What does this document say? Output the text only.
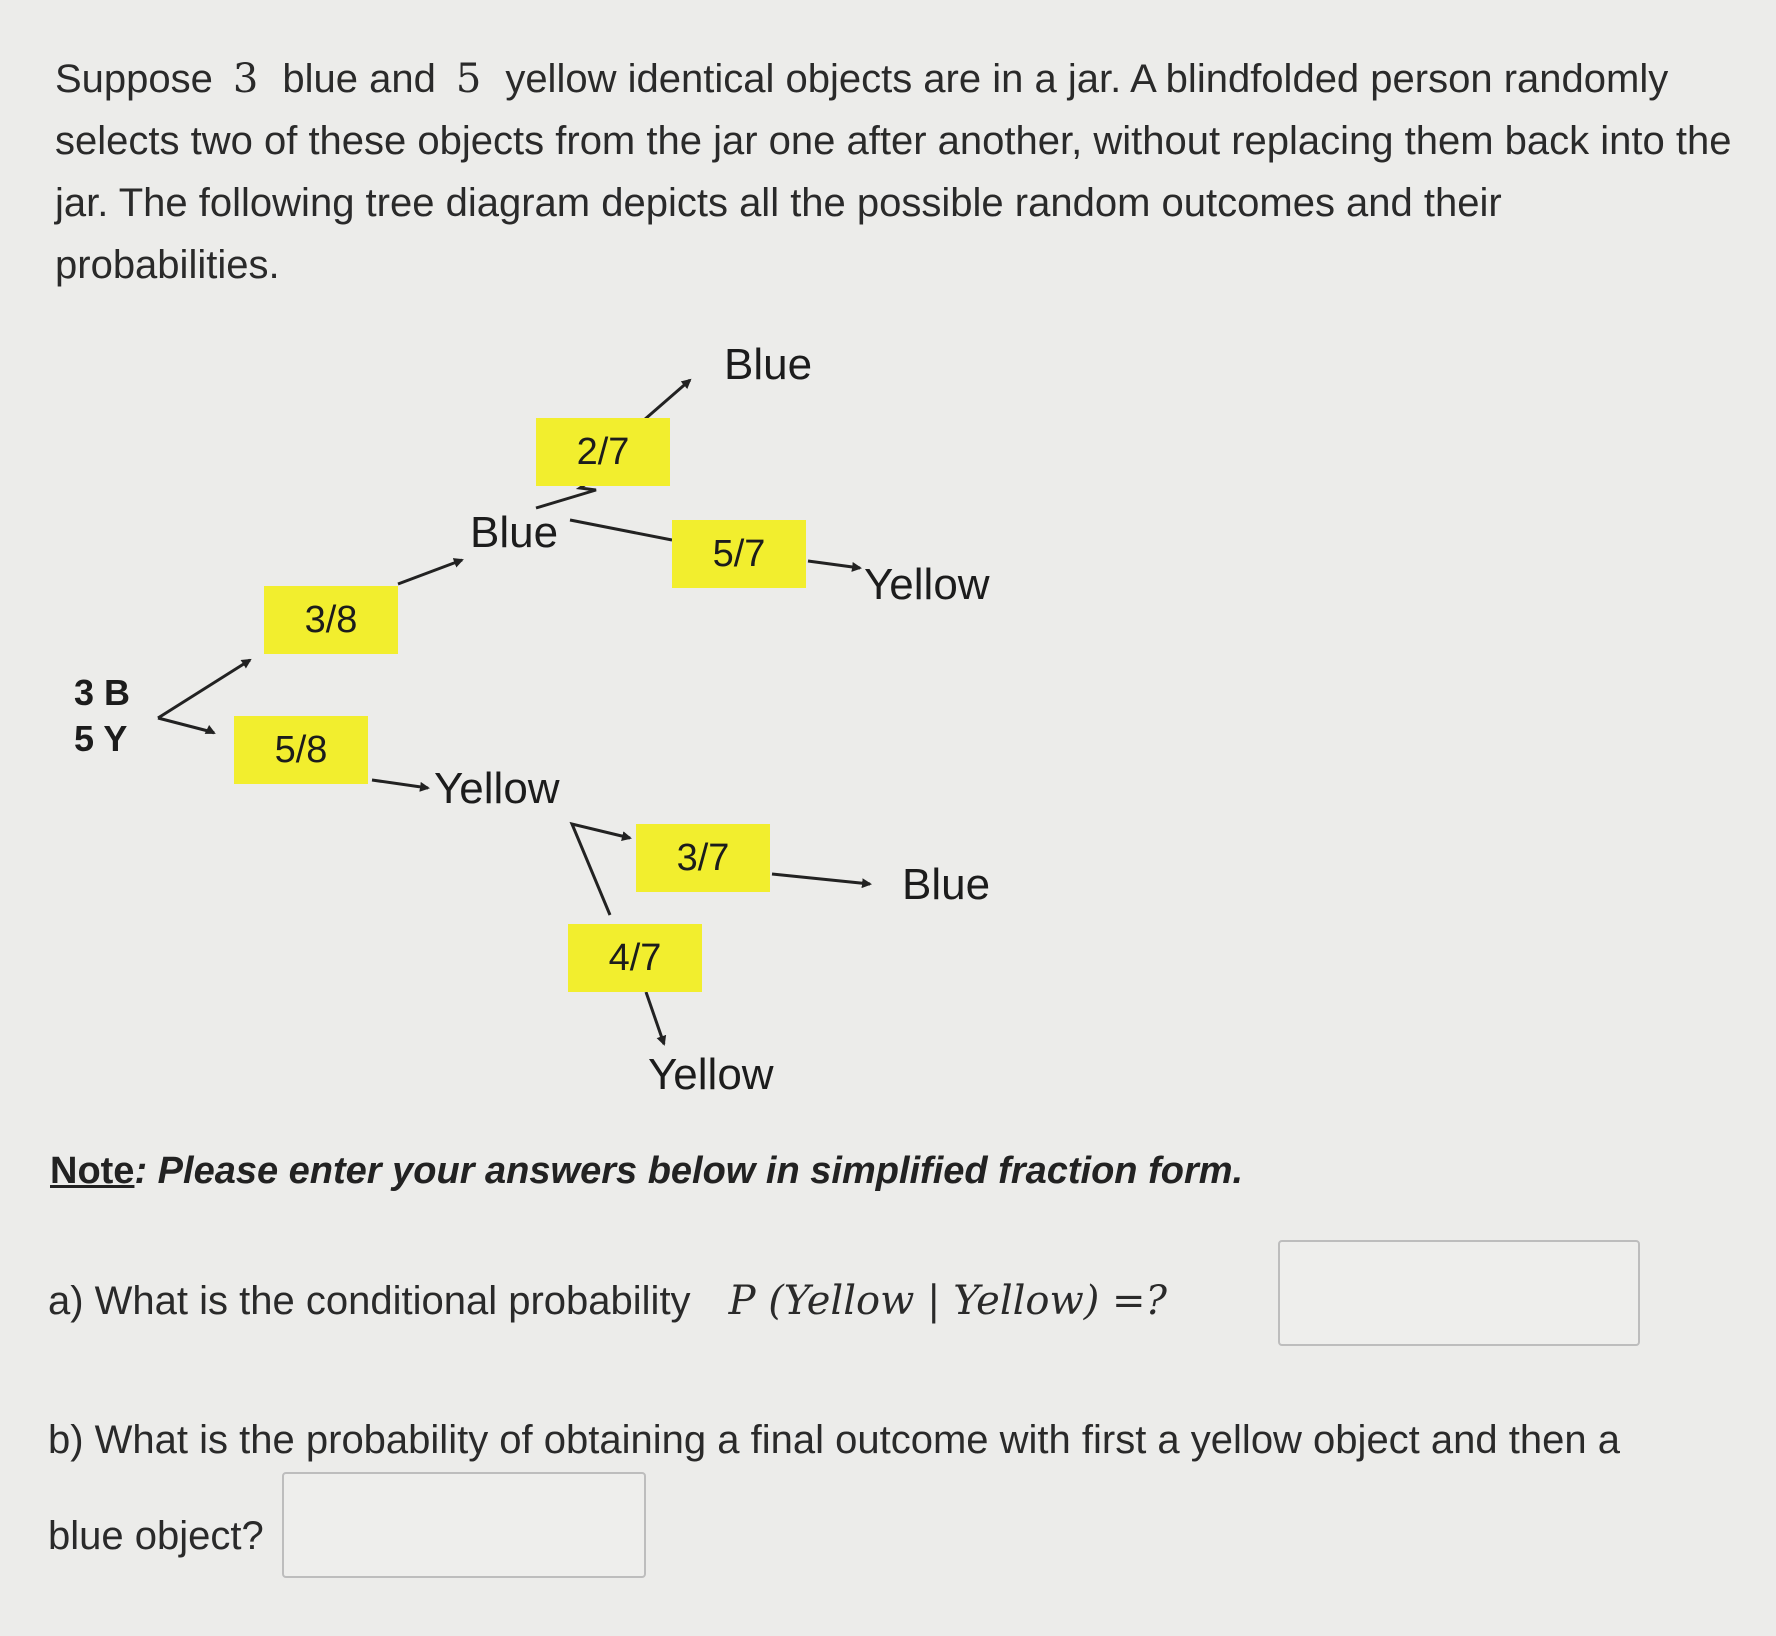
Suppose 3 blue and 5 yellow identical objects are in a jar. A blindfolded person randomly selects two of these objects from the jar one after another, without replacing them back into the jar. The following tree diagram depicts all the possible random outcomes and their probabilities.
3 B
5 Y
3/8
5/8
2/7
5/7
3/7
4/7
Blue
Yellow
Blue
Yellow
Blue
Yellow
Note: Please enter your answers below in simplified fraction form.
a) What is the conditional probability P (Yellow | Yellow) =?
b) What is the probability of obtaining a final outcome with first a yellow object and then a
blue object?
